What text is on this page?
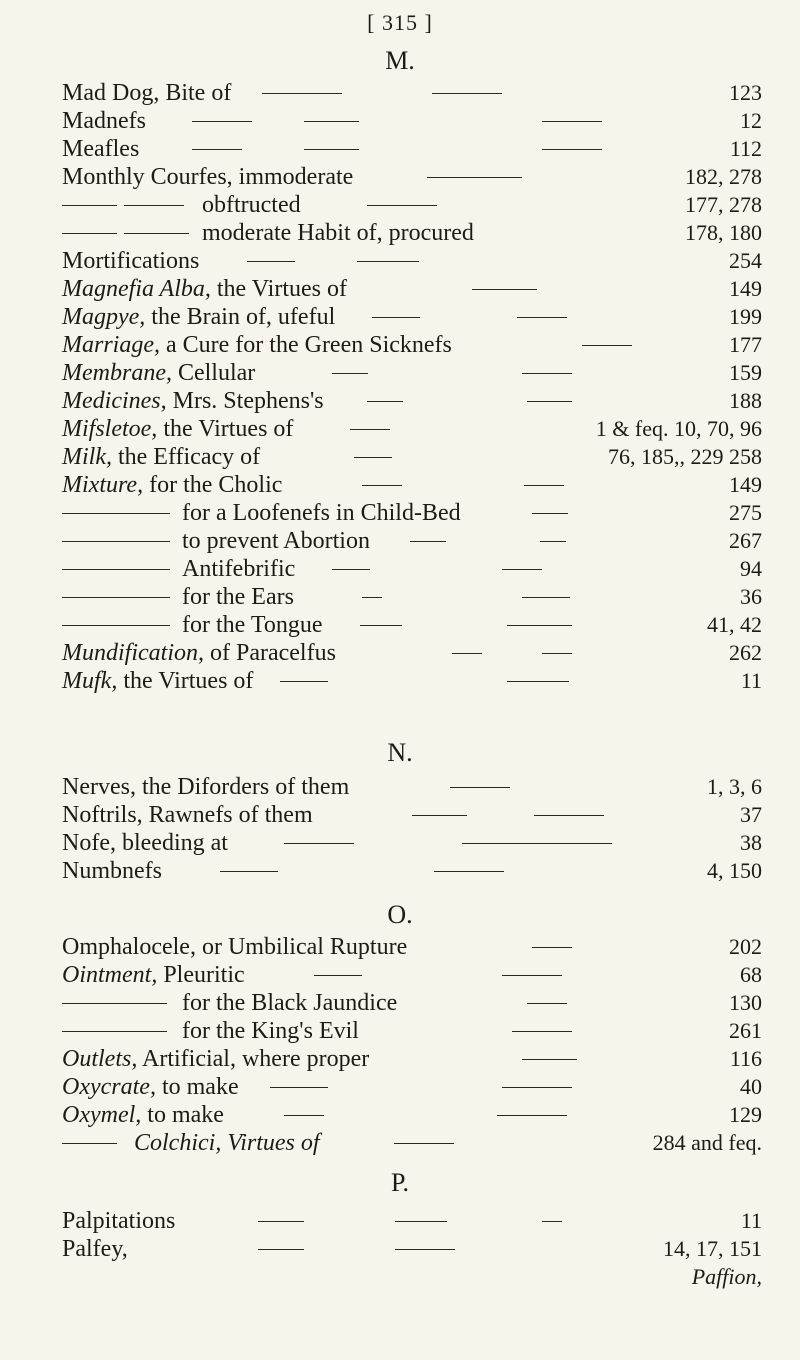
[ 315 ]
M.
Mad Dog, Bite of	123
Madnefs	12
Meafles	112
Monthly Courfes, immoderate	182, 278
obftructed	177, 278
moderate Habit of, procured	178, 180
Mortifications	254
Magnefia Alba, the Virtues of	149
Magpye, the Brain of, ufeful	199
Marriage, a Cure for the Green Sicknefs	177
Membrane, Cellular	159
Medicines, Mrs. Stephens's	188
Mifsletoe, the Virtues of	1 & feq. 10, 70, 96
Milk, the Efficacy of	76, 185,, 229 258
Mixture, for the Cholic	149
for a Loofenefs in Child-Bed	275
to prevent Abortion	267
Antifebrific	94
for the Ears	36
for the Tongue	41, 42
Mundification, of Paracelfus	262
Mufk, the Virtues of	11
N.
Nerves, the Diforders of them	1, 3, 6
Noftrils, Rawnefs of them	37
Nofe, bleeding at	38
Numbnefs	4, 150
O.
Omphalocele, or Umbilical Rupture	202
Ointment, Pleuritic	68
for the Black Jaundice	130
for the King's Evil	261
Outlets, Artificial, where proper	116
Oxycrate, to make	40
Oxymel, to make	129
Colchici, Virtues of	284 and feq.
P.
Palpitations	11
Palfey,	14, 17, 151
Paffion,
